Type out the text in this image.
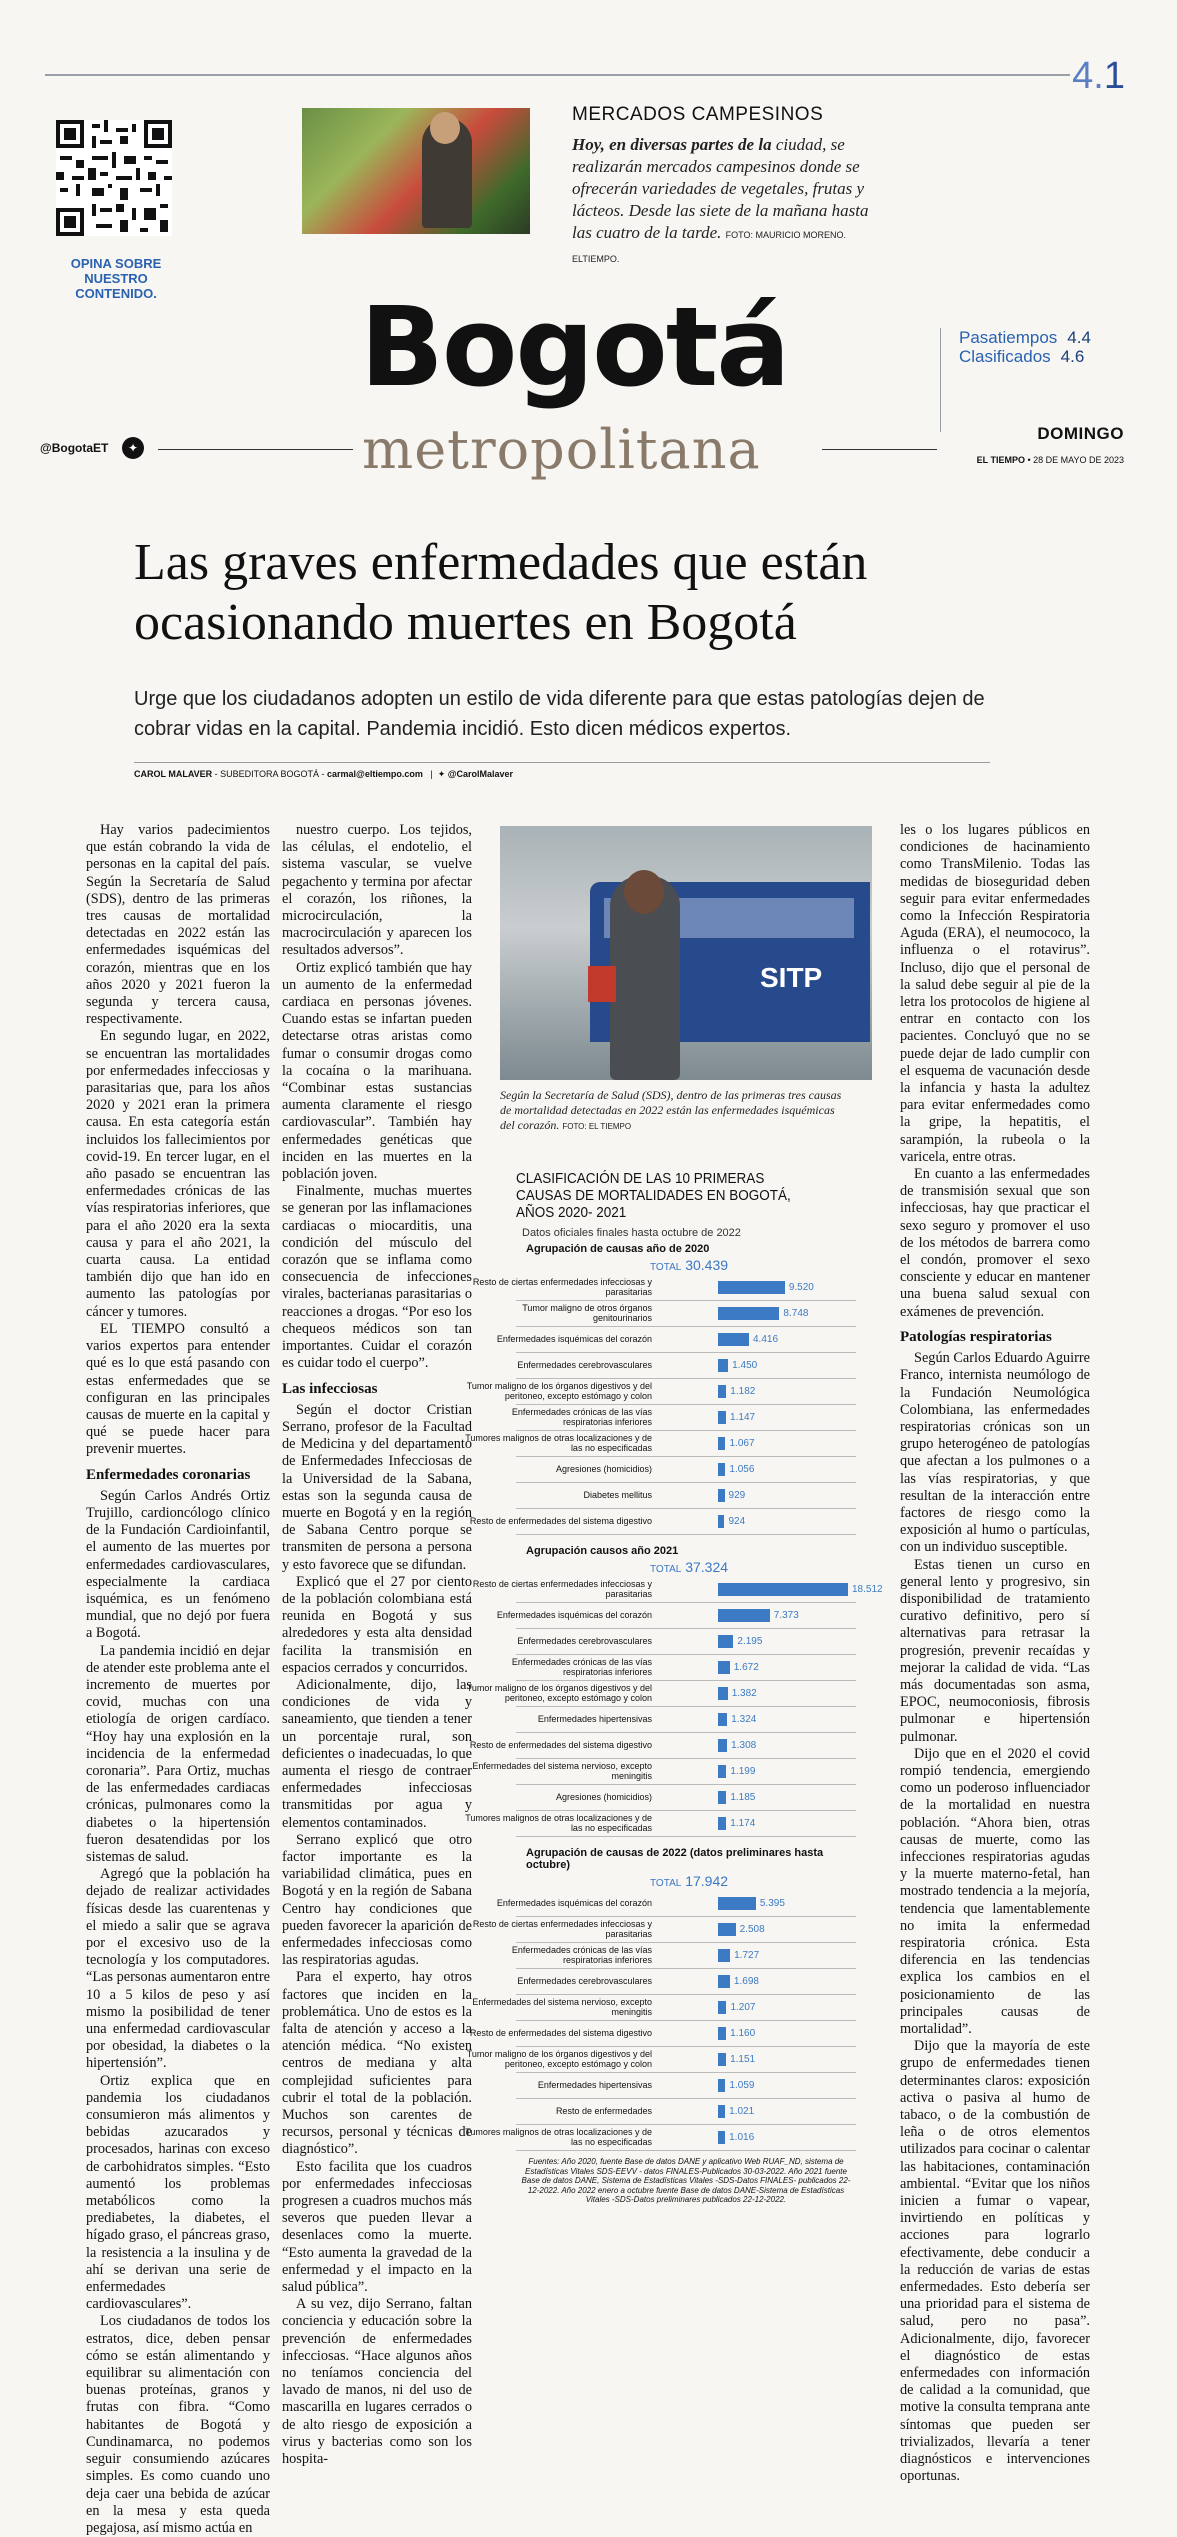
4.1
OPINA SOBRE NUESTRO CONTENIDO.
MERCADOS CAMPESINOS
Hoy, en diversas partes de la ciudad, se realizarán mercados campesinos donde se ofrecerán variedades de vegetales, frutas y lácteos. Desde las siete de la mañana hasta las cuatro de la tarde. FOTO: MAURICIO MORENO. ELTIEMPO.
Bogotá
metropolitana
@BogotaET	✦
Pasatiempos 4.4
Clasificados 4.6
DOMINGO
EL TIEMPO • 28 DE MAYO DE 2023
Las graves enfermedades que están ocasionando muertes en Bogotá
Urge que los ciudadanos adopten un estilo de vida diferente para que estas patologías dejen de cobrar vidas en la capital. Pandemia incidió. Esto dicen médicos expertos.
CAROL MALAVER - SUBEDITORA BOGOTÁ - carmal@eltiempo.com   |  ✦ @CarolMalaver

Hay varios padecimientos que están cobrando la vida de personas en la capital del país. Según la Secretaría de Salud (SDS), dentro de las primeras tres causas de mortalidad detectadas en 2022 están las enfermedades isquémicas del corazón, mientras que en los años 2020 y 2021 fueron la segunda y tercera causa, respectivamente.

En segundo lugar, en 2022, se encuentran las mortalidades por enfermedades infecciosas y parasitarias que, para los años 2020 y 2021 eran la primera causa. En esta categoría están incluidos los fallecimientos por covid-19. En tercer lugar, en el año pasado se encuentran las enfermedades crónicas de las vías respiratorias inferiores, que para el año 2020 era la sexta causa y para el año 2021, la cuarta causa. La entidad también dijo que han ido en aumento las patologías por cáncer y tumores.

EL TIEMPO consultó a varios expertos para entender qué es lo que está pasando con estas enfermedades que se configuran en las principales causas de muerte en la capital y qué se puede hacer para prevenir muertes.

Enfermedades coronarias

Según Carlos Andrés Ortiz Trujillo, cardioncólogo clínico de la Fundación Cardioinfantil, el aumento de las muertes por enfermedades cardiovasculares, especialmente la cardiaca isquémica, es un fenómeno mundial, que no dejó por fuera a Bogotá.

La pandemia incidió en dejar de atender este problema ante el incremento de muertes por covid, muchas con una etiología de origen cardíaco. “Hoy hay una explosión en la incidencia de la enfermedad coronaria”. Para Ortiz, muchas de las enfermedades cardiacas crónicas, pulmonares como la diabetes o la hipertensión fueron desatendidas por los sistemas de salud.

Agregó que la población ha dejado de realizar actividades físicas desde las cuarentenas y el miedo a salir que se agrava por el excesivo uso de la tecnología y los computadores. “Las personas aumentaron entre 10 a 5 kilos de peso y así mismo la posibilidad de tener una enfermedad cardiovascular por obesidad, la diabetes o la hipertensión”.

Ortiz explica que en pandemia los ciudadanos consumieron más alimentos y bebidas azucarados y procesados, harinas con exceso de carbohidratos simples. “Esto aumentó los problemas metabólicos como la prediabetes, la diabetes, el hígado graso, el páncreas graso, la resistencia a la insulina y de ahí se derivan una serie de enfermedades cardiovasculares”.

Los ciudadanos de todos los estratos, dice, deben pensar cómo se están alimentando y equilibrar su alimentación con buenas proteínas, granos y frutas con fibra. “Como habitantes de Bogotá y Cundinamarca, no podemos seguir consumiendo azúcares simples. Es como cuando uno deja caer una bebida de azúcar en la mesa y esta queda pegajosa, así mismo actúa en

nuestro cuerpo. Los tejidos, las células, el endotelio, el sistema vascular, se vuelve pegachento y termina por afectar el corazón, los riñones, la microcirculación, la macrocirculación y aparecen los resultados adversos”.

Ortiz explicó también que hay un aumento de la enfermedad cardiaca en personas jóvenes. Cuando estas se infartan pueden detectarse otras aristas como fumar o consumir drogas como la cocaína o la marihuana. “Combinar estas sustancias aumenta claramente el riesgo cardiovascular”. También hay enfermedades genéticas que inciden en las muertes en la población joven.

Finalmente, muchas muertes se generan por las inflamaciones cardiacas o miocarditis, una condición del músculo del corazón que se inflama como consecuencia de infecciones virales, bacterianas parasitarias o reacciones a drogas. “Por eso los chequeos médicos son tan importantes. Cuidar el corazón es cuidar todo el cuerpo”.

Las infecciosas

Según el doctor Cristian Serrano, profesor de la Facultad de Medicina y del departamento de Enfermedades Infecciosas de la Universidad de la Sabana, estas son la segunda causa de muerte en Bogotá y en la región de Sabana Centro porque se transmiten de persona a persona y esto favorece que se difundan.

Explicó que el 27 por ciento de la población colombiana está reunida en Bogotá y sus alrededores y esta alta densidad facilita la transmisión en espacios cerrados y concurridos.

Adicionalmente, dijo, las condiciones de vida y saneamiento, que tienden a tener un porcentaje rural, son deficientes o inadecuadas, lo que aumenta el riesgo de contraer enfermedades infecciosas transmitidas por agua y elementos contaminados.

Serrano explicó que otro factor importante es la variabilidad climática, pues en Bogotá y en la región de Sabana Centro hay condiciones que pueden favorecer la aparición de enfermedades infecciosas como las respiratorias agudas.

Para el experto, hay otros factores que inciden en la problemática. Uno de estos es la falta de atención y acceso a la atención médica. “No existen centros de mediana y alta complejidad suficientes para cubrir el total de la población. Muchos son carentes de recursos, personal y técnicas de diagnóstico”.

Esto facilita que los cuadros por enfermedades infecciosas progresen a cuadros muchos más severos que pueden llevar a desenlaces como la muerte. “Esto aumenta la gravedad de la enfermedad y el impacto en la salud pública”.

A su vez, dijo Serrano, faltan conciencia y educación sobre la prevención de enfermedades infecciosas. “Hace algunos años no teníamos conciencia del lavado de manos, ni del uso de mascarilla en lugares cerrados o de alto riesgo de exposición a virus y bacterias como son los hospita-

SITP
Según la Secretaría de Salud (SDS), dentro de las primeras tres causas de mortalidad detectadas en 2022 están las enfermedades isquémicas del corazón. FOTO: EL TIEMPO
CLASIFICACIÓN DE LAS 10 PRIMERAS CAUSAS DE MORTALIDADES EN BOGOTÁ, AÑOS 2020- 2021
Datos oficiales finales hasta octubre de 2022
Agrupación de causas año de 2020
TOTAL 30.439
Resto de ciertas enfermedades infecciosas y parasitarias	9.520
Tumor maligno de otros órganos genitourinarios	8.748
Enfermedades isquémicas del corazón	4.416
Enfermedades cerebrovasculares	1.450
Tumor maligno de los órganos digestivos y del peritoneo, excepto estómago y colon	1.182
Enfermedades crónicas de las vías respiratorias inferiores	1.147
Tumores malignos de otras localizaciones y de las no especificadas	1.067
Agresiones (homicidios)	1.056
Diabetes mellitus	929
Resto de enfermedades del sistema digestivo	924
Agrupación causos año 2021
TOTAL 37.324
Resto de ciertas enfermedades infecciosas y parasitarias	18.512
Enfermedades isquémicas del corazón	7.373
Enfermedades cerebrovasculares	2.195
Enfermedades crónicas de las vías respiratorias inferiores	1.672
Tumor maligno de los órganos digestivos y del peritoneo, excepto estómago y colon	1.382
Enfermedades hipertensivas	1.324
Resto de enfermedades del sistema digestivo	1.308
Enfermedades del sistema nervioso, excepto meningitis	1.199
Agresiones (homicidios)	1.185
Tumores malignos de otras localizaciones y de las no especificadas	1.174
Agrupación de causas de 2022 (datos preliminares hasta octubre)
TOTAL 17.942
Enfermedades isquémicas del corazón	5.395
Resto de ciertas enfermedades infecciosas y parasitarias	2.508
Enfermedades crónicas de las vías respiratorias inferiores	1.727
Enfermedades cerebrovasculares	1.698
Enfermedades del sistema nervioso, excepto meningitis	1.207
Resto de enfermedades del sistema digestivo	1.160
Tumor maligno de los órganos digestivos y del peritoneo, excepto estómago y colon	1.151
Enfermedades hipertensivas	1.059
Resto de enfermedades	1.021
Tumores malignos de otras localizaciones y de las no especificadas	1.016
Fuentes: Año 2020, fuente Base de datos DANE y aplicativo Web RUAF_ND, sistema de Estadísticas Vitales SDS-EEVV - datos FINALES-Publicados 30-03-2022. Año 2021 fuente Base de datos DANE, Sistema de Estadísticas Vitales -SDS-Datos FINALES- publicados 22-12-2022. Año 2022 enero a octubre fuente Base de datos DANE-Sistema de Estadísticas Vitales -SDS-Datos preliminares publicados 22-12-2022.

les o los lugares públicos en condiciones de hacinamiento como TransMilenio. Todas las medidas de bioseguridad deben seguir para evitar enfermedades como la Infección Respiratoria Aguda (ERA), el neumococo, la influenza o el rotavirus”. Incluso, dijo que el personal de la salud debe seguir al pie de la letra los protocolos de higiene al entrar en contacto con los pacientes. Concluyó que no se puede dejar de lado cumplir con el esquema de vacunación desde la infancia y hasta la adultez para evitar enfermedades como la gripe, la hepatitis, el sarampión, la rubeola o la varicela, entre otras.

En cuanto a las enfermedades de transmisión sexual que son infecciosas, hay que practicar el sexo seguro y promover el uso de los métodos de barrera como el condón, promover el sexo consciente y educar en mantener una buena salud sexual con exámenes de prevención.

Patologías respiratorias

Según Carlos Eduardo Aguirre Franco, internista neumólogo de la Fundación Neumológica Colombiana, las enfermedades respiratorias crónicas son un grupo heterogéneo de patologías que afectan a los pulmones o a las vías respiratorias, y que resultan de la interacción entre factores de riesgo como la exposición al humo o partículas, con un individuo susceptible.

Estas tienen un curso en general lento y progresivo, sin disponibilidad de tratamiento curativo definitivo, pero sí alternativas para retrasar la progresión, prevenir recaídas y mejorar la calidad de vida. “Las más documentadas son asma, EPOC, neumoconiosis, fibrosis pulmonar e hipertensión pulmonar.

Dijo que en el 2020 el covid rompió tendencia, emergiendo como un poderoso influenciador de la mortalidad en nuestra población. “Ahora bien, otras causas de muerte, como las infecciones respiratorias agudas y la muerte materno-fetal, han mostrado tendencia a la mejoría, tendencia que lamentablemente no imita la enfermedad respiratoria crónica. Esta diferencia en las tendencias explica los cambios en el posicionamiento de las principales causas de mortalidad”.

Dijo que la mayoría de este grupo de enfermedades tienen determinantes claros: exposición activa o pasiva al humo de tabaco, o de la combustión de leña o de otros elementos utilizados para cocinar o calentar las habitaciones, contaminación ambiental. “Evitar que los niños inicien a fumar o vapear, invirtiendo en políticas y acciones para lograrlo efectivamente, debe conducir a la reducción de varias de estas enfermedades. Esto debería ser una prioridad para el sistema de salud, pero no pasa”. Adicionalmente, dijo, favorecer el diagnóstico de estas enfermedades con información de calidad a la comunidad, que motive la consulta temprana ante síntomas que pueden ser trivializados, llevaría a tener diagnósticos e intervenciones oportunas.
